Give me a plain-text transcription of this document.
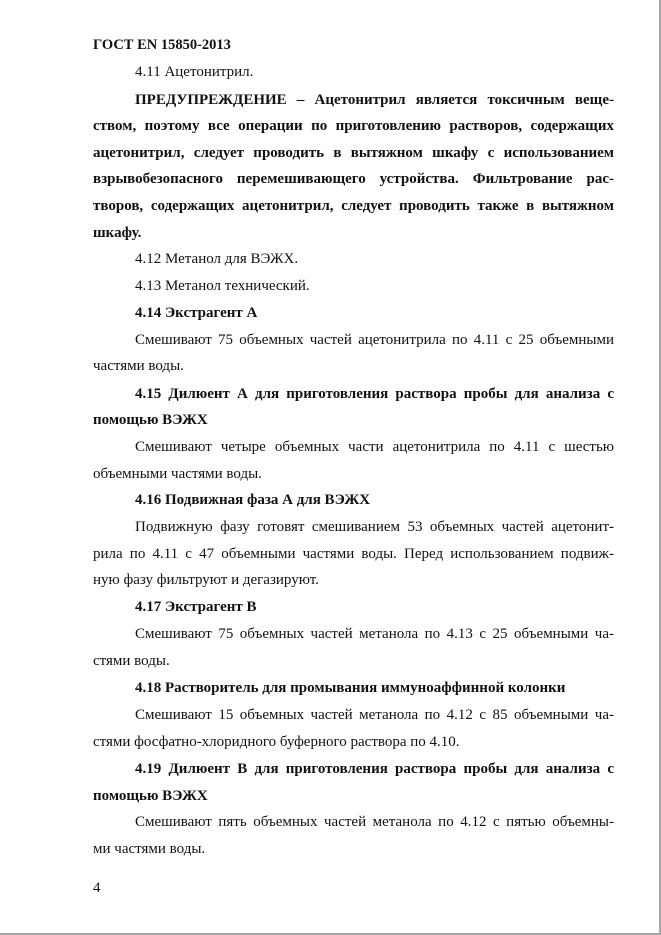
ГОСТ EN 15850-2013
4.11 Ацетонитрил.
ПРЕДУПРЕЖДЕНИЕ – Ацетонитрил является токсичным веще-
ством, поэтому все операции по приготовлению растворов, содержащих
ацетонитрил, следует проводить в вытяжном шкафу с использованием
взрывобезопасного перемешивающего устройства. Фильтрование рас-
творов, содержащих ацетонитрил, следует проводить также в вытяжном
шкафу.
4.12 Метанол для ВЭЖХ.
4.13 Метанол технический.
4.14 Экстрагент А
Смешивают 75 объемных частей ацетонитрила по 4.11 с 25 объемными
частями воды.
4.15 Дилюент А для приготовления раствора пробы для анализа с
помощью ВЭЖХ
Смешивают четыре объемных части ацетонитрила по 4.11 с шестью
объемными частями воды.
4.16 Подвижная фаза А для ВЭЖХ
Подвижную фазу готовят смешиванием 53 объемных частей ацетонит-
рила по 4.11 с 47 объемными частями воды. Перед использованием подвиж-
ную фазу фильтруют и дегазируют.
4.17 Экстрагент В
Смешивают 75 объемных частей метанола по 4.13 с 25 объемными ча-
стями воды.
4.18 Растворитель для промывания иммуноаффинной колонки
Смешивают 15 объемных частей метанола по 4.12 с 85 объемными ча-
стями фосфатно-хлоридного буферного раствора по 4.10.
4.19 Дилюент В для приготовления раствора пробы для анализа с
помощью ВЭЖХ
Смешивают пять объемных частей метанола по 4.12 с пятью объемны-
ми частями воды.
4
